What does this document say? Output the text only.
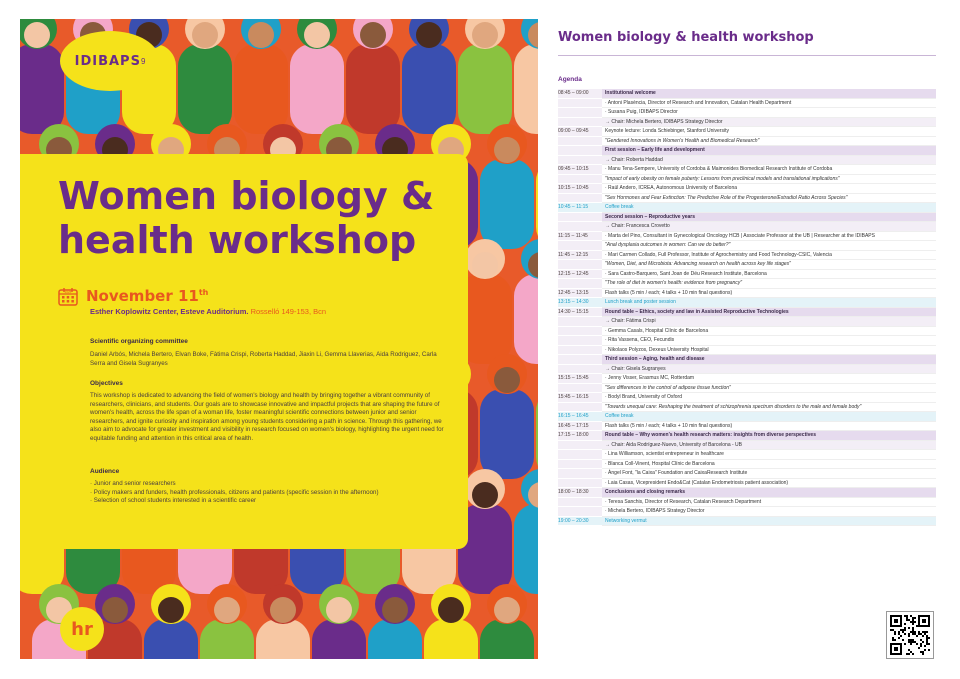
IDIBAPS 9
Women biology & health workshop
2025 November 11th
Esther Koplowitz Center, Esteve Auditorium. Rosselló 149-153, Bcn
Scientific organizing committee
Daniel Arbós, Michela Bertero, Elvan Boke, Fàtima Crispi, Roberta Haddad, Jiaxin Li, Gemma Llaverias, Aida Rodriguez, Carla Serra and Gisela Sugranyes
Objectives
This workshop is dedicated to advancing the field of women's biology and health by bringing together a vibrant community of researchers, clinicians, and students. Our goals are to showcase innovative and impactful projects that are shaping the future of women's health, across the life span of a woman life, foster meaningful scientific connections between junior and senior researchers, and ignite curiosity and inspiration among young students considering a path in science. Through this gathering, we also aim to advocate for greater investment and visibility in research focused on women's biology, highlighting the urgent need for equitable funding and attention in this critical area of health.
Audience
· Junior and senior researchers
· Policy makers and funders, health professionals, citizens and patients (specific session in the afternoon)
· Selection of school students interested in a scientific career
hr
Women biology & health workshop
Agenda
08:45 – 09:00	Institutional welcome
	· Antoni Plasència, Director of Research and Innovation, Catalan Health Department
	· Susana Puig, IDIBAPS Director
	→ Chair: Michela Bertero, IDIBAPS Strategy Director
09:00 – 09:45	Keynote lecture: Londa Schiebinger, Stanford University
	"Gendered Innovations in Women's Health and Biomedical Research"
	First session – Early life and development
	→ Chair: Roberta Haddad
09:45 – 10:15	· Manu Tena-Sempere, University of Cordoba & Maimonides Biomedical Research Institute of Cordoba
	"Impact of early obesity on female puberty: Lessons from preclinical models and translational implications"
10:15 – 10:45	· Raül Andero, ICREA, Autonomous University of Barcelona
	"Sex Hormones and Fear Extinction: The Predictive Role of the Progesterone/Estradiol Ratio Across Species"
10:45 – 11:15	Coffee break
	Second session – Reproductive years
	→ Chair: Francesca Crovetto
11:15 – 11:45	· Marta del Pino, Consultant in Gynecological Oncology HCB | Associate Professor at the UB | Researcher at the IDIBAPS
	"Anal dysplasia outcomes in women: Can we do better?"
11:45 – 12:15	· Mari Carmen Collado, Full Professor, Institute of Agrochemistry and Food Technology-CSIC, Valencia
	"Women, Diet, and Microbiota: Advancing research on health across key life stages"
12:15 – 12:45	· Sara Castro-Barquero, Sant Joan de Déu Research Institute, Barcelona
	"The role of diet in women's health: evidence from pregnancy"
12:45 – 13:15	Flash talks (5 min / each; 4 talks + 10 min final questions)
13:15 – 14:30	Lunch break and poster session
14:30 – 15:15	Round table – Ethics, society and law in Assisted Reproductive Technologies
	→ Chair: Fàtima Crispi
	· Gemma Casals, Hospital Clínic de Barcelona
	· Rita Vassena, CEO, Fecundis
	· Nikolaos Polyzos, Dexeus University Hospital
	Third session – Aging, health and disease
	→ Chair: Gisela Sugranyes
15:15 – 15:45	· Jenny Visser, Erasmus MC, Rotterdam
	"Sex differences in the control of adipose tissue function"
15:45 – 16:15	· Bodyl Brand, University of Oxford
	"Towards unequal care: Reshaping the treatment of schizophrenia spectrum disorders to the male and female body"
16:15 – 16:45	Coffee break
16:45 – 17:15	Flash talks (5 min / each; 4 talks + 10 min final questions)
17:15 – 18:00	Round table – Why women's health research matters: insights from diverse perspectives
	→ Chair: Aida Rodríguez-Nuevo, University of Barcelona - UB
	· Lina Williamson, scientist entrepreneur in healthcare
	· Blanca Coll-Vinent, Hospital Clínic de Barcelona
	· Àngel Font, "la Caixa" Foundation and CaixaResearch Institute
	· Laia Casas, Vicepresident Endo&Cat (Catalan Endometriosis patient association)
18:00 – 18:30	Conclusions and closing remarks
	· Teresa Sanchis, Director of Research, Catalan Research Department
	· Michela Bertero, IDIBAPS Strategy Director
19:00 – 20:30	Networking vermut
